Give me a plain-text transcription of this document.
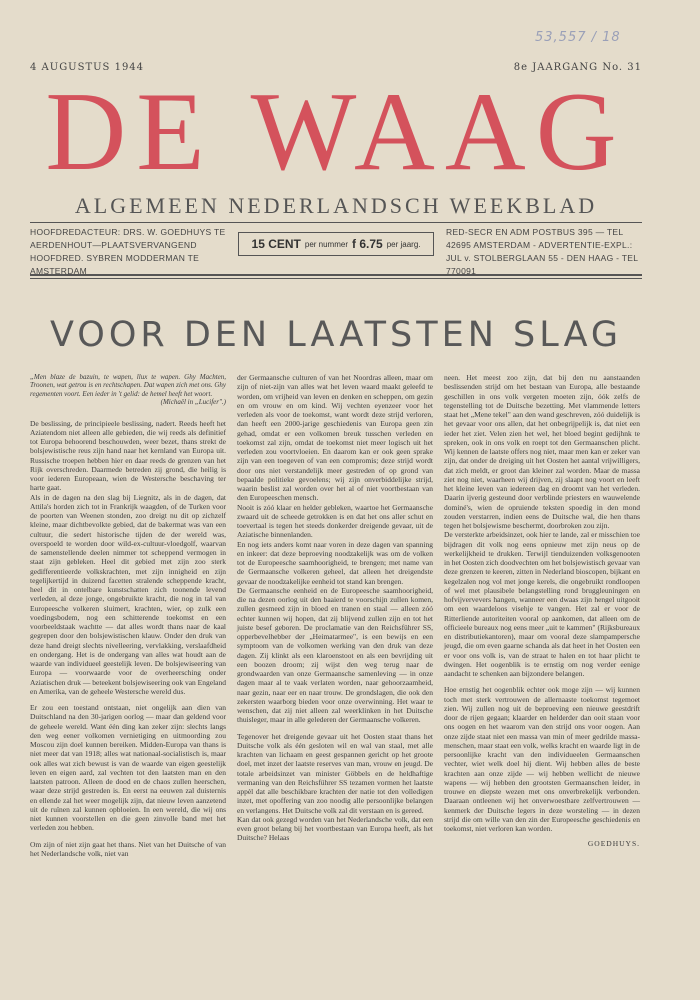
53,557 / 18
4 AUGUSTUS 1944	8e JAARGANG No. 31
DE WAAG
ALGEMEEN NEDERLANDSCH WEEKBLAD
HOOFDREDACTEUR: DRS. W. GOEDHUYS TE AERDENHOUT—PLAATSVERVANGEND HOOFDRED. SYBREN MODDERMAN TE AMSTERDAM
15 CENT per nummer f 6.75 per jaarg.
RED-SECR EN ADM POSTBUS 395 — TEL 42695 AMSTERDAM - ADVERTENTIE-EXPL.: JUL v. STOLBERGLAAN 55 - DEN HAAG - TEL 770091
VOOR DEN LAATSTEN SLAG

„Men blaze de bazuin, te wapen, llux te wapen. Ghy Machten, Troonen, wat getrou is en rechtschapen. Dat wapen zich met ons. Ghy regementen voort. Een ieder in 't gelid: de hemel heeft het woort.

(Michaël in „Lucifer".)

De beslissing, de principieele beslissing, nadert. Reeds heeft het Aziatendom niet alleen alle gebieden, die wij reeds als definitief tot Europa behoorend beschouwden, weer bezet, thans strekt de bolsjewistische reus zijn hand naar het kernland van Europa uit. Russische troepen hebben hier en daar reeds de grenzen van het Rijk overschreden. Daarmede betreden zij grond, die heilig is voor iederen Europeaan, wien de Westersche beschaving ter harte gaat.

Als in de dagen na den slag bij Liegnitz, als in de dagen, dat Attila's horden zich tot in Frankrijk waagden, of de Turken voor de poorten van Weenen stonden, zoo dreigt nu dit op zichzelf kleine, maar dichtbevolkte gebied, dat de bakermat was van een cultuur, die sedert historische tijden de der wereld was, overspoeld te worden door wild-ex-cultuur-vloedgolf, waarvan de samenstellende deelen nimmer tot scheppend vermogen in staat zijn gebleken. Heel dit gebied met zijn zoo sterk gedifferentieerde volkskrachten, met zijn innigheid en zijn tegelijkertijd in duizend facetten stralende scheppende kracht, heel dit in ontelbare kunstschatten zich toonende levend verleden, al deze jonge, ongebruikte kracht, die nog in tal van Europeesche volkeren sluimert, krachten, wier, op zulk een voedingsbodem, nog een schitterende toekomst en een voorbeeldstaak wachtte — dat alles wordt thans naar de kaal gegrepen door den bolsjewistischen klauw. Onder den druk van deze hand dreigt slechts nivelleering, vervlakking, verslaafdheid en ondergang. Het is de ondergang van alles wat houdt aan de waarde van individueel geestelijk leven. De bolsjewiseering van Europa — voorwaarde voor de overheersching onder Aziatischen druk — beteekent bolsjewiseering ook van Engeland en Amerika, van de geheele Westersche wereld dus.

Er zou een toestand ontstaan, niet ongelijk aan dien van Duitschland na den 30-jarigen oorlog — maar dan geldend voor de geheele wereld. Want één ding kan zeker zijn: slechts langs den weg eener volkomen vernietiging en uitmoording zou Moscou zijn doel kunnen bereiken. Midden-Europa van thans is niet meer dat van 1918; alles wat nationaal-socialistisch is, maar ook alles wat zich bewust is van de waarde van eigen geestelijk leven en eigen aard, zal vechten tot den laatsten man en den laatsten patroon. Alleen de dood en de chaos zullen heerschen, waar deze strijd gestreden is. En eerst na eeuwen zal duisternis en ellende zal het weer mogelijk zijn, dat nieuw leven aanzetend uit de ruïnen zal kunnen opbloeien. In een wereld, die wij ons niet kunnen voorstellen en die geen zinvolle band met het verleden zou hebben.

Om zijn of niet zijn gaat het thans. Niet van het Duitsche of van het Nederlandsche volk, niet van

der Germaansche culturen of van het Noordras alleen, maar om zijn of niet-zijn van alles wat het leven waard maakt geleefd te worden, om vrijheid van leven en denken en scheppen, om gezin en om vrouw en om kind. Wij vechten eyenzeer voor het verleden als voor de toekomst, want wordt deze strijd verloren, dan heeft een 2000-jarige geschiedenis van Europa geen zin gehad, omdat er een volkomen breuk tusschen verleden en toekomst zal zijn, omdat de toekomst niet meer logisch uit het verleden zou voortvloeien. En daarom kan er ook geen sprake zijn van een toegeven of van een compromis; deze strijd wordt door ons niet verstandelijk meer gestreden of op grond van bepaalde politieke gevoelens; wij zijn onverbiddelijke strijd, waarin beslist zal worden over het al of niet voortbestaan van den Europeeschen mensch.

Nooit is zóó klaar en helder gebleken, waartoe het Germaansche zwaard uit de scheede getrokken is en dat het ons aller schut en toevertaal is tegen het steeds donkerder dreigende gevaar, uit de Aziatische binnenlanden.

En nog iets anders komt naar voren in deze dagen van spanning en inkeer: dat deze beproeving noodzakelijk was om de volken tot de Europeesche saamhoorigheid, te brengen; met name van de Germaansche volkeren geheel, dat alleen het dreigendste gevaar de noodzakelijke eenheid tot stand kan brengen.

De Germaansche eenheid en de Europeesche saamhoorigheid, die na dezen oorlog uit den baaierd te voorschijn zullen komen, zullen gesmeed zijn in bloed en tranen en staal — alleen zóó echter kunnen wij hopen, dat zij blijvend zullen zijn en tot het juiste besef geboren. De proclamatie van den Reichsführer SS, opperbevelhebber der „Heimatarmee", is een bewijs en een symptoom van de volkomen werking van den druk van deze dagen. Zij klinkt als een klaroenstoot en als een bevrijding uit een boozen droom; zij wijst den weg terug naar de grondwaarden van onze Germaansche samenleving — in onze dagen maar al te vaak verlaten worden, naar gehoorzaamheid, naar gezin, naar eer en naar trouw. De grondslagen, die ook den zekersten waarborg bieden voor onze overwinning. Het waar te wenschen, dat zij niet alleen zal weerklinken in het Duitsche thuisleger, maar in alle gelederen der Germaansche volkeren.

Tegenover het dreigende gevaar uit het Oosten staat thans het Duitsche volk als één gesloten wil en wal van staal, met alle krachten van lichaam en geest gespannen gericht op het groote doel, met inzet der laatste reserves van man, vrouw en jeugd. De totale arbeidsinzet van minister Göbbels en de heldhaftige vermaning van den Reichsführer SS tezamen vormen het laatste appèl dat alle beschikbare krachten der natie tot den volledigen inzet, met opoffering van zoo noodig alle persoonlijke belangen en verlangens. Het Duitsche volk zal dit verstaan en is gereed.

Kan dat ook gezegd worden van het Nederlandsche volk, dat een even groot belang bij het voortbestaan van Europa heeft, als het Duitsche? Helaas

neen. Het meest zoo zijn, dat bij den nu aanstaanden beslissenden strijd om het bestaan van Europa, alle bestaande geschillen in ons volk vergeten moeten zijn, óók zelfs de tegenstelling tot de Duitsche bezetting. Met vlammende letters staat het „Mene tekel" aan den wand geschreven, zóó duidelijk is het gevaar voor ons allen, dat het onbegrijpelijk is, dat niet een ieder het ziet. Velen zien het wel, het bloed begint gedijhnk te spreken, ook in ons volk en roept tot den Germaanschen plicht. Wij kennen de laatste offers nog niet, maar men kan er zeker van zijn, dat onder de dreiging uit het Oosten het aantal vrijwilligers, dat zich meldt, er groot dan kleiner zal worden. Maar de massa ziet nog niet, waarheen wij drijven, zij slaapt nog voort en leeft het kleine leven van iedereen dag en droomt van het verleden. Daarin ijverig gesteund door verblinde priesters en wauwelende dominé's, wien de opruiende teksten spoedig in den mond zouden verstarren, indien eens de Duitsche wal, die hen thans tegen het bolsjewisme beschermt, doorbroken zou zijn.

De versterkte arbeidsinzet, ook hier te lande, zal er misschien toe bijdragen dit volk nog eens opnieuw met zijn neus op de werkelijkheid te drukken. Terwijl tienduizenden volksgenooten in het Oosten zich doodvechten om het bolsjewistisch gevaar van deze grenzen te keeren, zitten in Nederland bioscopen, bijkant en kegelzalen nog vol met jonge kerels, die ongebruikt rondloopen of wel met plausibele belangstelling rond bruggleuningen en hofvijvervevers hangen, wanneer een dwaas zijn hengel uitgooit om een waardeloos visehje te vangen. Het zal er voor de Ritterliende autoriteiten vooral op aankomen, dat alleen om de officieele bureaux nog eens meer „uit te kammen" (Rijksbureaux en distributiekantoren), maar om vooral deze slampampersche jeugd, die om even gaarne schanda als dat heet in het Oosten een er voor ons volk is, van de straat te halen en tot haar plicht te dwingen. Het oogenblik is te ernstig om nog verder eenige aandacht te schenken aan bijzondere belangen.

Hoe ernstig het oogenblik echter ook moge zijn — wij kunnen toch met sterk vertrouwen de allernaaste toekomst tegemoet zien. Wij zullen nog uit de beproeving een nieuwe geestdrift door de rijen gegaan; klaarder en helderder dan ooit staan voor ons oogen en het waarom van den strijd ons voor oogen. Aan onze zijde staat niet een massa van min of meer gedrilde massa-menschen, maar staat een volk, welks kracht en waarde ligt in de persoonlijke kracht van den individueelen Germaanschen vechter, wiet welk doel hij dient. Wij hebben alles de beste krachten aan onze zijde — wij hebben wellicht de nieuwe wapens — wij hebben den grootsten Germaanschen leider, in trouwe en diepste wezen met ons onverbrekelijk verbonden. Daaraan ontleenen wij het onverwoestbare zelfvertrouwen — kenmerk der Duitsche legers in deze worsteling — in dezen strijd die om wille van den zin der Europeesche geschiedenis en toekomst, niet verloren kan worden.

GOEDHUYS.
